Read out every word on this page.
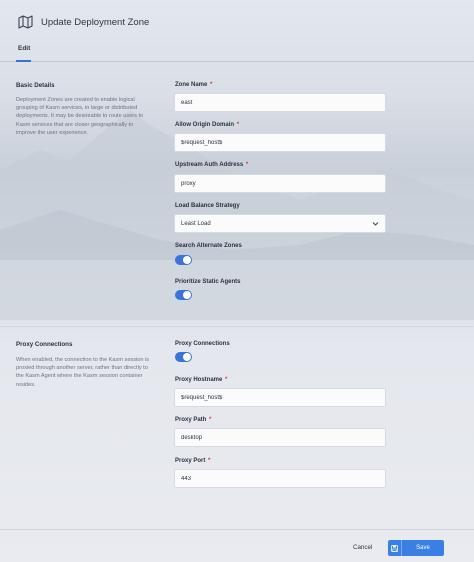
Update Deployment Zone
Edit
Basic Details
Deployment Zones are created to enable logical grouping of Kasm services, in large or distributed deployments. It may be desireable to route users to Kasm services that are closer geographically to improve the user experience.
Zone Name *
east
Allow Origin Domain *
$request_host$
Upstream Auth Address *
proxy
Load Balance Strategy
Least Load
Search Alternate Zones
Prioritize Static Agents
Proxy Connections
When enabled, the connection to the Kasm session is proxied through another server, rather than directly to the Kasm Agent where the Kasm session container resides.
Proxy Connections
Proxy Hostname *
$request_host$
Proxy Path *
desktop
Proxy Port *
443
Cancel	Save
